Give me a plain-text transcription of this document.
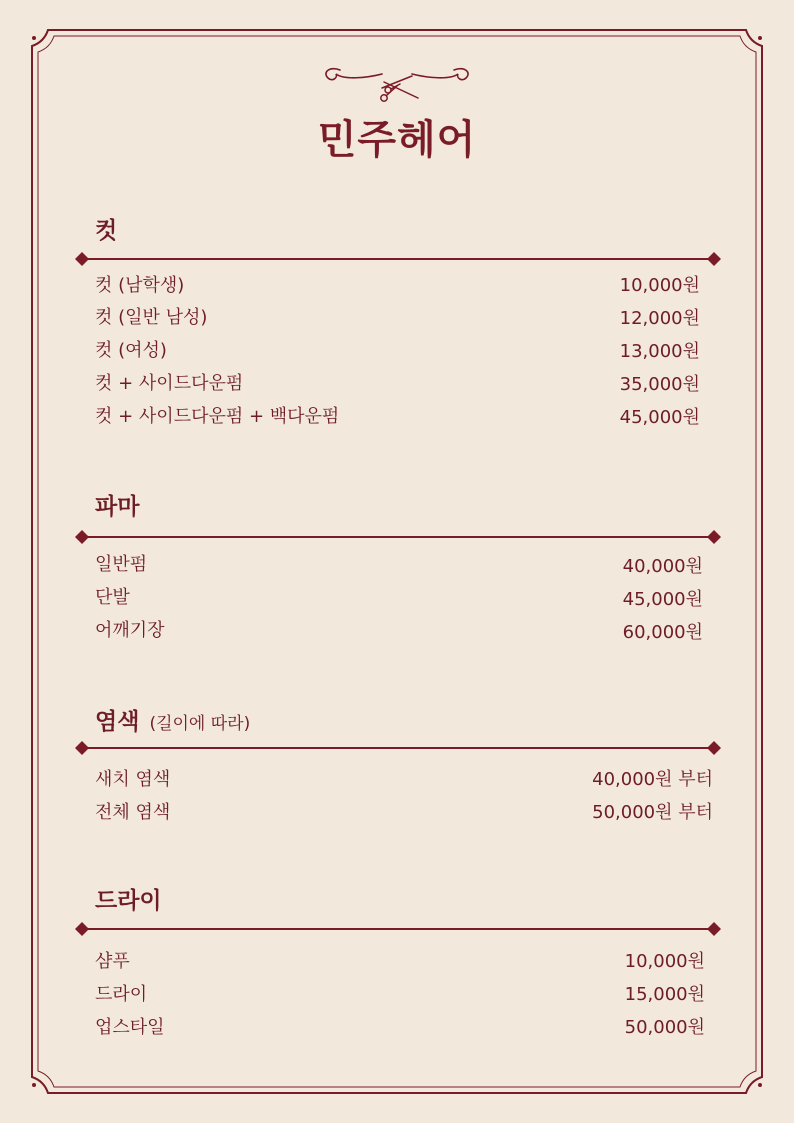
민주헤어
컷
컷 (남학생)	10,000원
컷 (일반 남성)	12,000원
컷 (여성)	13,000원
컷 + 사이드다운펌	35,000원
컷 + 사이드다운펌 + 백다운펌	45,000원
파마
일반펌	40,000원
단발	45,000원
어깨기장	60,000원
염색 (길이에 따라)
새치 염색	40,000원 부터
전체 염색	50,000원 부터
드라이
샴푸	10,000원
드라이	15,000원
업스타일	50,000원
